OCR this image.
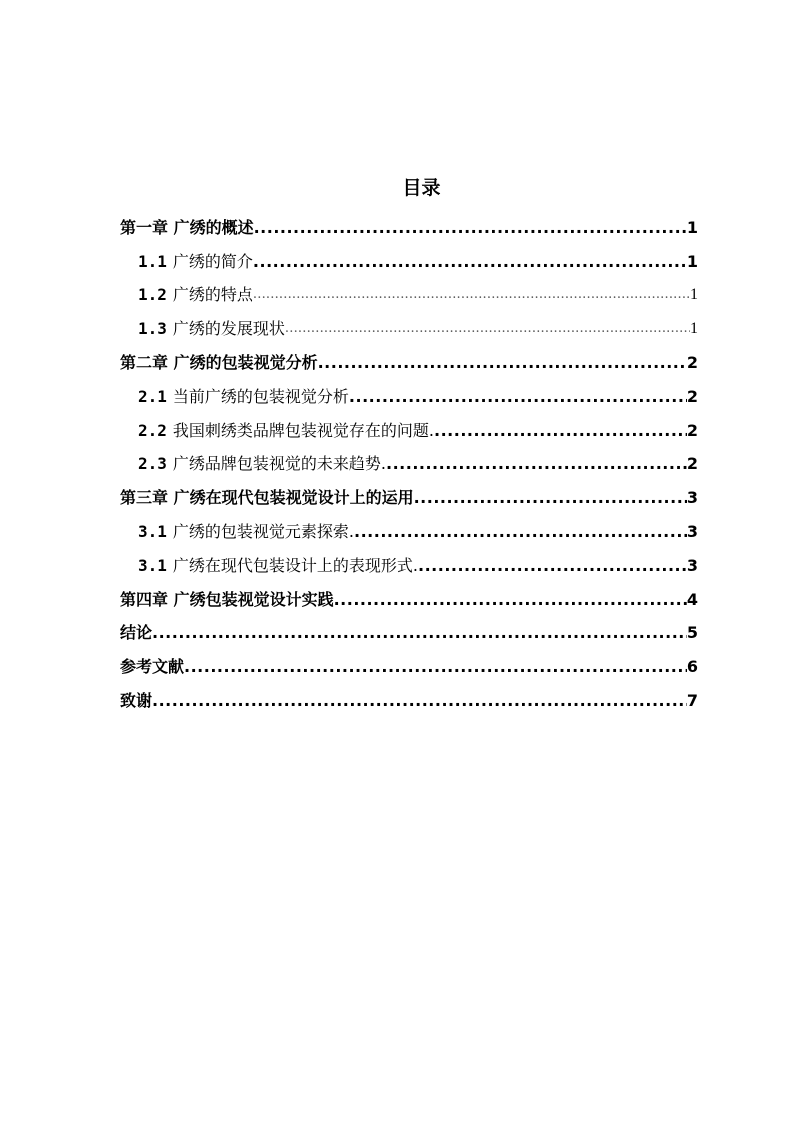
目录
第一章 广绣的概述 .....	1
1.1 广绣的简介 .....	1
1.2 广绣的特点 .....	1
1.3 广绣的发展现状 .....	1
第二章 广绣的包装视觉分析 .....	2
2.1 当前广绣的包装视觉分析 .....	2
2.2 我国刺绣类品牌包装视觉存在的问题. .....	2
2.3 广绣品牌包装视觉的未来趋势. .....	2
第三章 广绣在现代包装视觉设计上的运用 .....	3
3.1 广绣的包装视觉元素探索. .....	3
3.1 广绣在现代包装设计上的表现形式. .....	3
第四章 广绣包装视觉设计实践 .....	4
结论 .....	5
参考文献 .....	6
致谢 .....	7
